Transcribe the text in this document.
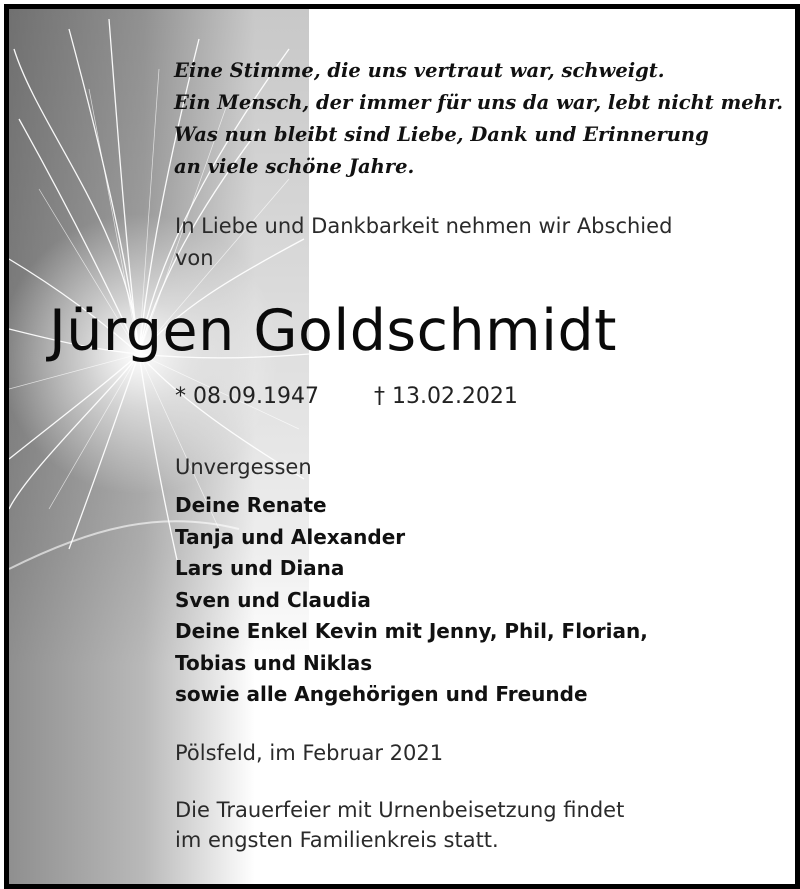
Eine Stimme, die uns vertraut war, schweigt.
Ein Mensch, der immer für uns da war, lebt nicht mehr.
Was nun bleibt sind Liebe, Dank und Erinnerung
an viele schöne Jahre.
In Liebe und Dankbarkeit nehmen wir Abschied
von
Jürgen Goldschmidt
* 08.09.1947	† 13.02.2021
Unvergessen
Deine Renate
Tanja und Alexander
Lars und Diana
Sven und Claudia
Deine Enkel Kevin mit Jenny, Phil, Florian,
Tobias und Niklas
sowie alle Angehörigen und Freunde
Pölsfeld, im Februar 2021
Die Trauerfeier mit Urnenbeisetzung findet
im engsten Familienkreis statt.
